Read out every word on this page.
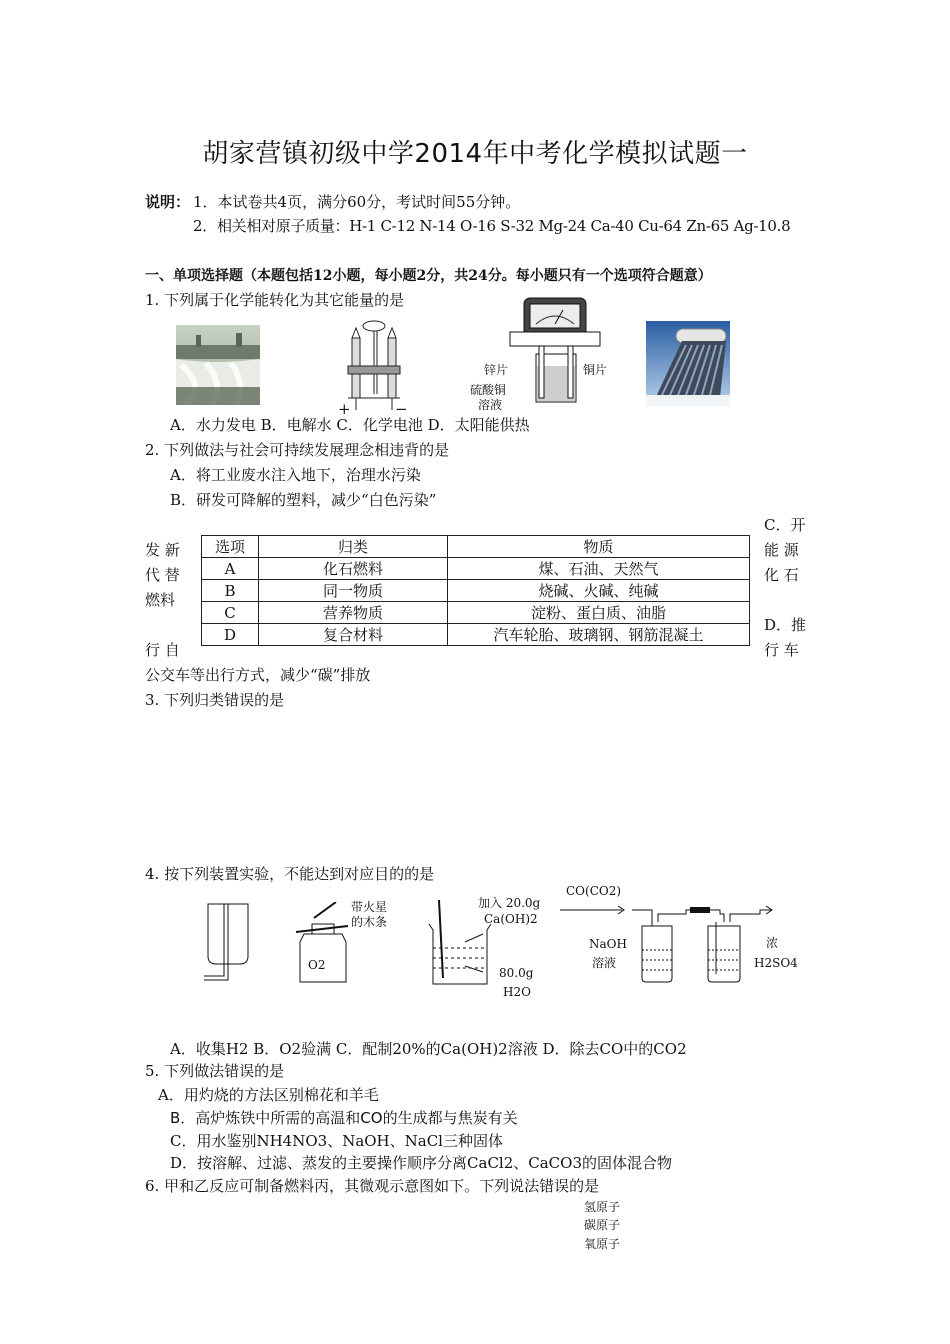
胡家营镇初级中学2014年中考化学模拟试题一
说明： 1．本试卷共4页，满分60分，考试时间55分钟。
2．相关相对原子质量：H-1 C-12 N-14 O-16 S-32 Mg-24 Ca-40 Cu-64 Zn-65 Ag-10.8
一、单项选择题（本题包括12小题，每小题2分，共24分。每小题只有一个选项符合题意）
1. 下列属于化学能转化为其它能量的是
+	−
锌片	铜片
硫酸铜
溶液
A．水力发电 B．电解水 C．化学电池 D．太阳能供热
2. 下列做法与社会可持续发展理念相违背的是
A．将工业废水注入地下，治理水污染
B．研发可降解的塑料，减少“白色污染”
C．开
能 源
化 石
发 新
代 替
燃料
D．推
行 车
行 自
公交车等出行方式，减少“碳”排放
选项	归类	物质
A	化石燃料	煤、石油、天然气
B	同一物质	烧碱、火碱、纯碱
C	营养物质	淀粉、蛋白质、油脂
D	复合材料	汽车轮胎、玻璃钢、钢筋混凝土
3. 下列归类错误的是
4. 按下列装置实验，不能达到对应目的的是
带火星
的木条
O2
加入 20.0g
Ca(OH)2
80.0g
H2O
CO(CO2)
NaOH
溶液
浓
H2SO4
A．收集H2 B．O2验满 C．配制20%的Ca(OH)2溶液 D．除去CO中的CO2
5. 下列做法错误的是
A．用灼烧的方法区别棉花和羊毛
B．高炉炼铁中所需的高温和CO的生成都与焦炭有关
C．用水鉴别NH4NO3、NaOH、NaCl三种固体
D．按溶解、过滤、蒸发的主要操作顺序分离CaCl2、CaCO3的固体混合物
6. 甲和乙反应可制备燃料丙，其微观示意图如下。下列说法错误的是
氢原子
碳原子
氧原子
